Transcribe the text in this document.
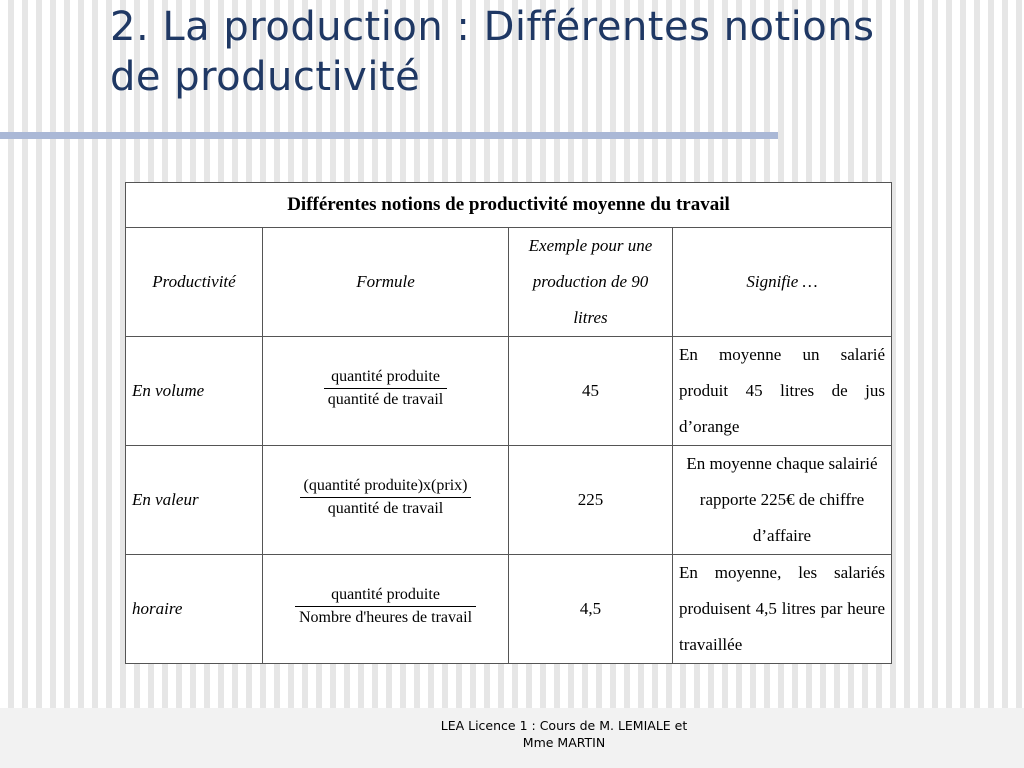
2. La production : Différentes notions
de productivité
Différentes notions de productivité moyenne du travail			
Productivité	Formule	Exemple pour une production de 90 litres	Signifie …
En volume	$\frac{\text{quantité produite}}{\text{quantité de travail}}$	45	En moyenne un salarié produit 45 litres de jus d’orange
En valeur	$\frac{\text{(quantité produite)x(prix)}}{\text{quantité de travail}}$	225	En moyenne chaque salairié rapporte 225€ de chiffre d’affaire
horaire	$\frac{\text{quantité produite}}{\text{Nombre d'heures de travail}}$	4,5	En moyenne, les salariés produisent 4,5 litres par heure travaillée
LEA Licence 1 : Cours de M. LEMIALE et
Mme MARTIN
